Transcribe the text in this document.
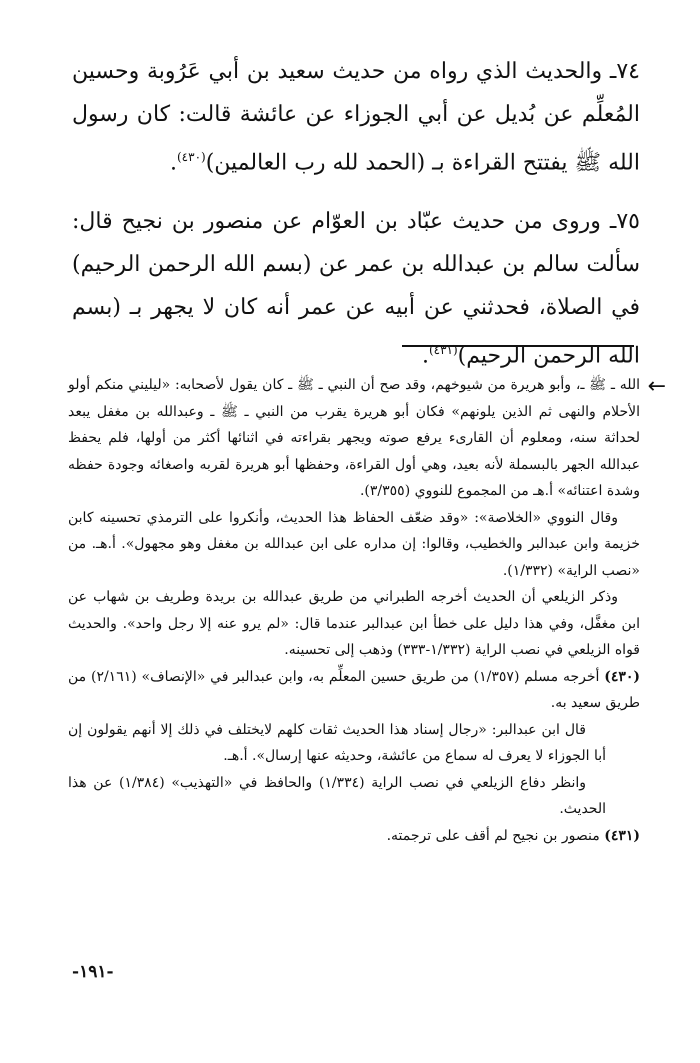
٧٤ـ والحديث الذي رواه من حديث سعيد بن أبي عَرُوبة وحسين المُعلِّم عن بُديل عن أبي الجوزاء عن عائشة قالت: كان رسول الله ﷺ يفتتح القراءة بـ (الحمد لله رب العالمين)$^{(٤٣٠)}$.

٧٥ـ وروى من حديث عبّاد بن العوّام عن منصور بن نجيح قال: سألت سالم بن عبدالله بن عمر عن (بسم الله الرحمن الرحيم) في الصلاة، فحدثني عن أبيه عن عمر أنه كان لا يجهر بـ (بسم الله الرحمن الرحيم)$^{(٤٣١)}$.

←

الله ـ ﷺ ـ، وأبو هريرة من شيوخهم، وقد صح أن النبي ـ ﷺ ـ كان يقول لأصحابه: «ليليني منكم أولو الأحلام والنهى ثم الذين يلونهم» فكان أبو هريرة يقرب من النبي ـ ﷺ ـ وعبدالله بن مغفل يبعد لحداثة سنه، ومعلوم أن القارىء يرفع صوته ويجهر بقراءته في اثنائها أكثر من أولها، فلم يحفظ عبدالله الجهر بالبسملة لأنه بعيد، وهي أول القراءة، وحفظها أبو هريرة لقربه واصغائه وجودة حفظه وشدة اعتنائه» أ.هـ من المجموع للنووي (٣/٣٥٥).

وقال النووي «الخلاصة»: «وقد ضعّف الحفاظ هذا الحديث، وأنكروا على الترمذي تحسينه كابن خزيمة وابن عبدالبر والخطيب، وقالوا: إن مداره على ابن عبدالله بن مغفل وهو مجهول». أ.هـ. من «نصب الراية» (١/٣٣٢).

وذكر الزيلعي أن الحديث أخرجه الطبراني من طريق عبدالله بن بريدة وطريف بن شهاب عن ابن مغفَّل، وفي هذا دليل على خطأ ابن عبدالبر عندما قال: «لم يرو عنه إلا رجل واحد». والحديث قواه الزيلعي في نصب الراية (١/٣٣٢-٣٣٣) وذهب إلى تحسينه.

(٤٣٠) أخرجه مسلم (١/٣٥٧) من طريق حسين المعلِّم به، وابن عبدالبر في «الإنصاف» (٢/١٦١) من طريق سعيد به.

قال ابن عبدالبر: «رجال إسناد هذا الحديث ثقات كلهم لايختلف في ذلك إلا أنهم يقولون إن أبا الجوزاء لا يعرف له سماع من عائشة، وحديثه عنها إرسال». أ.هـ.

وانظر دفاع الزيلعي في نصب الراية (١/٣٣٤) والحافظ في «التهذيب» (١/٣٨٤) عن هذا الحديث.

(٤٣١) منصور بن نجيح لم أقف على ترجمته.

-١٩١-
